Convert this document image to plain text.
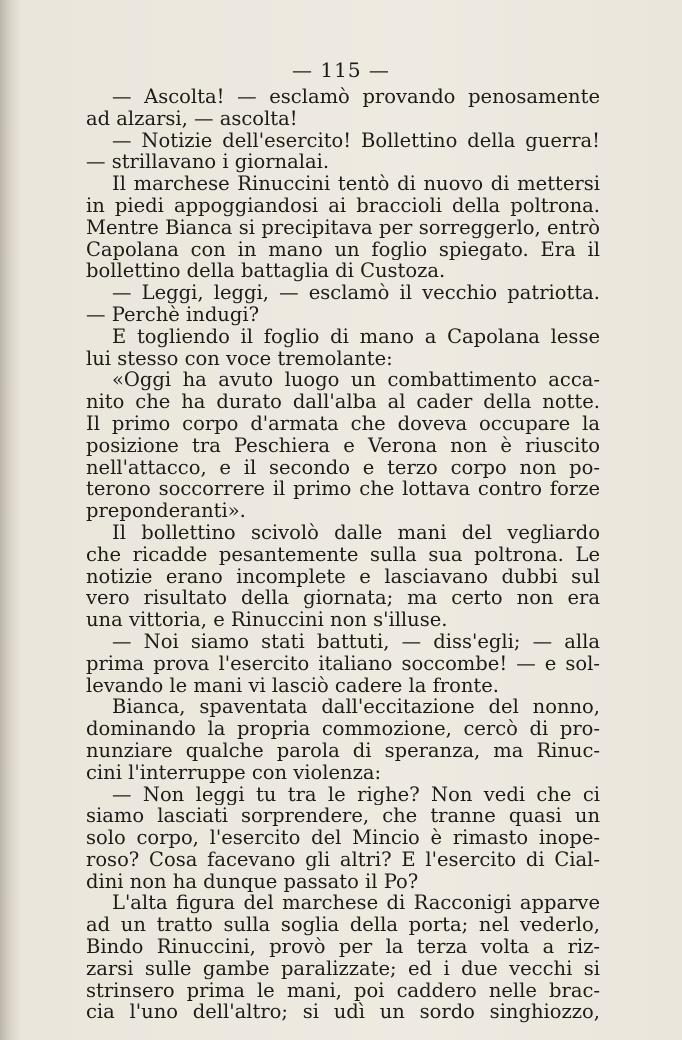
— 115 —
— Ascolta! — esclamò provando penosamente
ad alzarsi, — ascolta!
— Notizie dell'esercito! Bollettino della guerra!
— strillavano i giornalai.
Il marchese Rinuccini tentò di nuovo di mettersi
in piedi appoggiandosi ai braccioli della poltrona.
Mentre Bianca si precipitava per sorreggerlo, entrò
Capolana con in mano un foglio spiegato. Era il
bollettino della battaglia di Custoza.
— Leggi, leggi, — esclamò il vecchio patriotta.
— Perchè indugi?
E togliendo il foglio di mano a Capolana lesse
lui stesso con voce tremolante:
«Oggi ha avuto luogo un combattimento acca-
nito che ha durato dall'alba al cader della notte.
Il primo corpo d'armata che doveva occupare la
posizione tra Peschiera e Verona non è riuscito
nell'attacco, e il secondo e terzo corpo non po-
terono soccorrere il primo che lottava contro forze
preponderanti».
Il bollettino scivolò dalle mani del vegliardo
che ricadde pesantemente sulla sua poltrona. Le
notizie erano incomplete e lasciavano dubbi sul
vero risultato della giornata; ma certo non era
una vittoria, e Rinuccini non s'illuse.
— Noi siamo stati battuti, — diss'egli; — alla
prima prova l'esercito italiano soccombe! — e sol-
levando le mani vi lasciò cadere la fronte.
Bianca, spaventata dall'eccitazione del nonno,
dominando la propria commozione, cercò di pro-
nunziare qualche parola di speranza, ma Rinuc-
cini l'interruppe con violenza:
— Non leggi tu tra le righe? Non vedi che ci
siamo lasciati sorprendere, che tranne quasi un
solo corpo, l'esercito del Mincio è rimasto inope-
roso? Cosa facevano gli altri? E l'esercito di Cial-
dini non ha dunque passato il Po?
L'alta figura del marchese di Racconigi apparve
ad un tratto sulla soglia della porta; nel vederlo,
Bindo Rinuccini, provò per la terza volta a riz-
zarsi sulle gambe paralizzate; ed i due vecchi si
strinsero prima le mani, poi caddero nelle brac-
cia l'uno dell'altro; si udì un sordo singhiozzo,
